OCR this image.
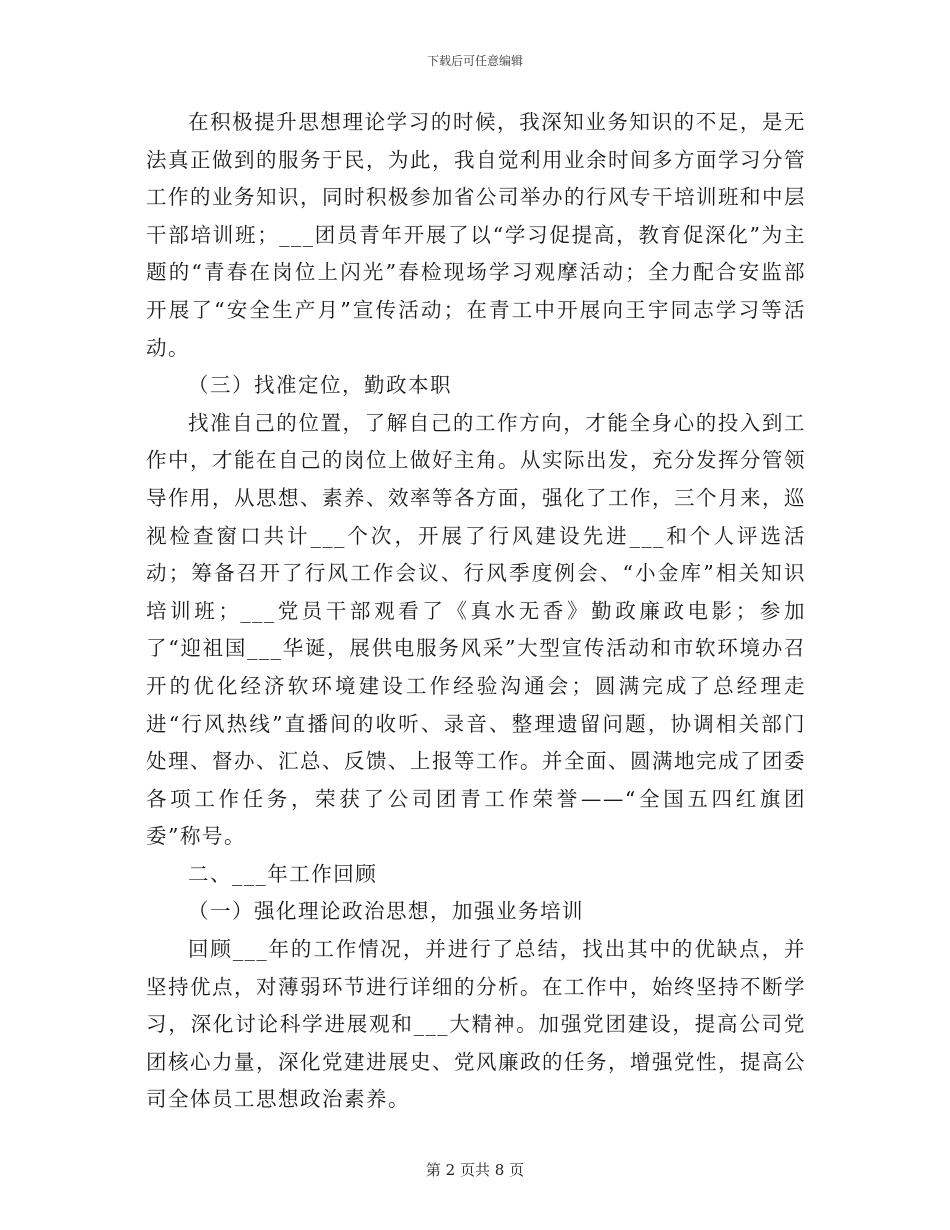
下载后可任意编辑

在积极提升思想理论学习的时候，我深知业务知识的不足，是无法真正做到的服务于民，为此，我自觉利用业余时间多方面学习分管工作的业务知识，同时积极参加省公司举办的行风专干培训班和中层干部培训班；___团员青年开展了以“学习促提高，教育促深化”为主题的“青春在岗位上闪光”春检现场学习观摩活动；全力配合安监部开展了“安全生产月”宣传活动；在青工中开展向王宇同志学习等活动。

（三）找准定位，勤政本职

找准自己的位置，了解自己的工作方向，才能全身心的投入到工作中，才能在自己的岗位上做好主角。从实际出发，充分发挥分管领导作用，从思想、素养、效率等各方面，强化了工作，三个月来，巡视检查窗口共计___个次，开展了行风建设先进___和个人评选活动；筹备召开了行风工作会议、行风季度例会、“小金库”相关知识培训班；___党员干部观看了《真水无香》勤政廉政电影；参加了“迎祖国___华诞，展供电服务风采”大型宣传活动和市软环境办召开的优化经济软环境建设工作经验沟通会；圆满完成了总经理走进“行风热线”直播间的收听、录音、整理遗留问题，协调相关部门处理、督办、汇总、反馈、上报等工作。并全面、圆满地完成了团委各项工作任务，荣获了公司团青工作荣誉——“全国五四红旗团委”称号。

二、___年工作回顾

（一）强化理论政治思想，加强业务培训

回顾___年的工作情况，并进行了总结，找出其中的优缺点，并坚持优点，对薄弱环节进行详细的分析。在工作中，始终坚持不断学习，深化讨论科学进展观和___大精神。加强党团建设，提高公司党团核心力量，深化党建进展史、党风廉政的任务，增强党性，提高公司全体员工思想政治素养。

第 2 页共 8 页
